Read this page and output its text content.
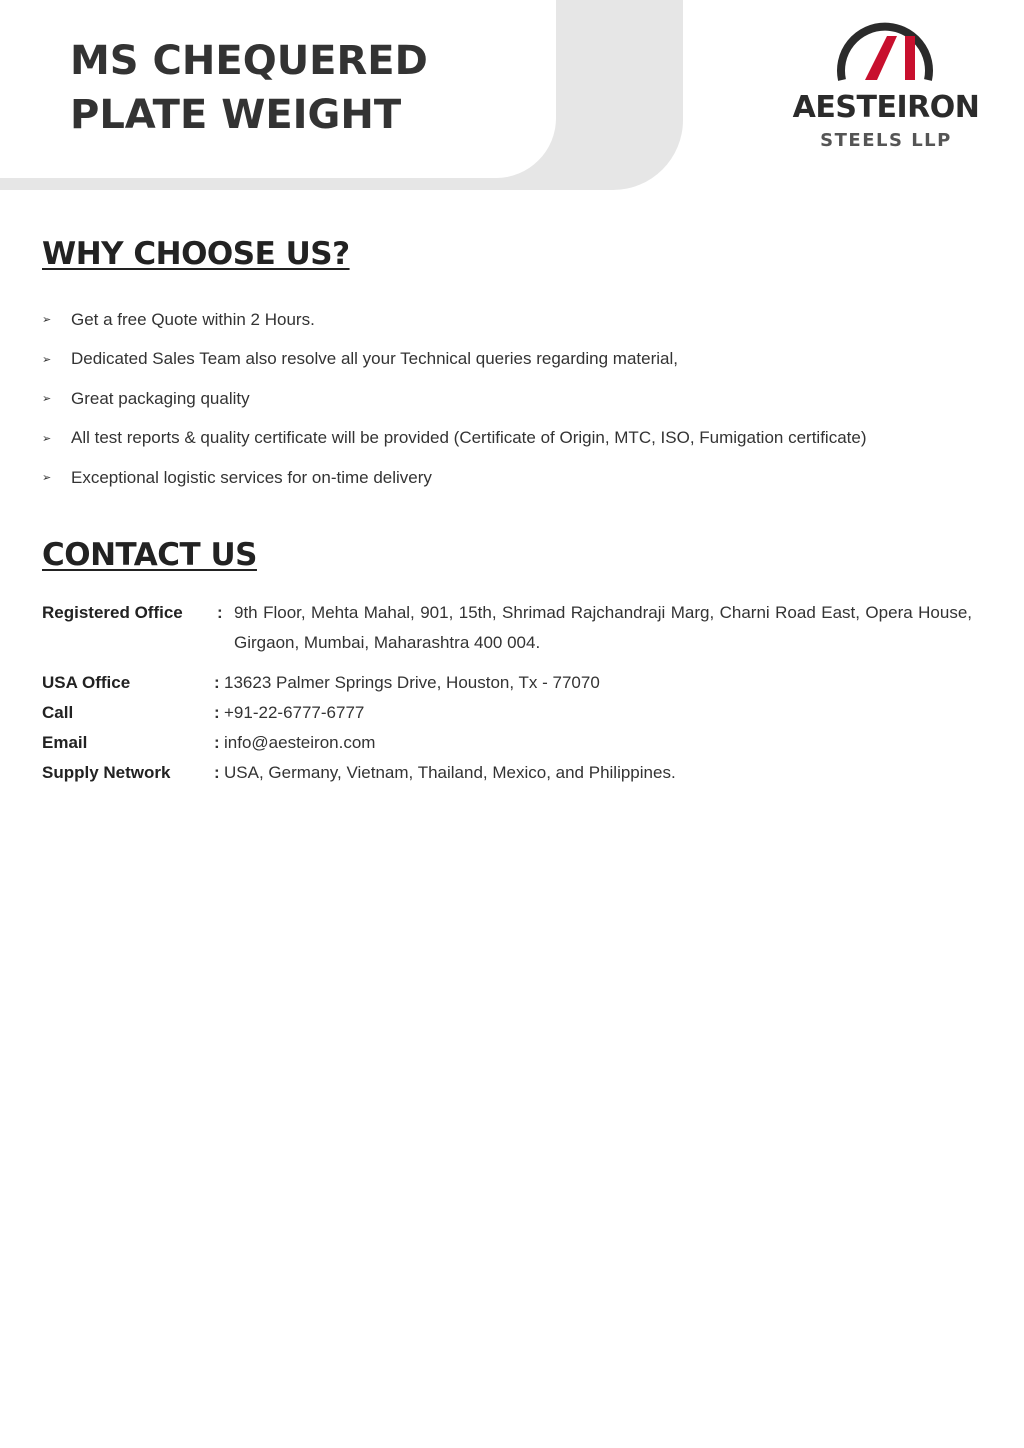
MS CHEQUERED
PLATE WEIGHT	AESTEIRON
STEELS LLP
WHY CHOOSE US?
➢	Get a free Quote within 2 Hours.
➢	Dedicated Sales Team also resolve all your Technical queries regarding material,
➢	Great packaging quality
➢	All test reports & quality certificate will be provided (Certificate of Origin, MTC, ISO, Fumigation certificate)
➢	Exceptional logistic services for on-time delivery
CONTACT US
Registered Office	: 9th Floor, Mehta Mahal, 901, 15th, Shrimad Rajchandraji Marg, Charni Road East, Opera House, Girgaon, Mumbai, Maharashtra 400 004.
USA Office	: 13623 Palmer Springs Drive, Houston, Tx - 77070
Call	: +91-22-6777-6777
Email	: info@aesteiron.com
Supply Network	: USA, Germany, Vietnam, Thailand, Mexico, and Philippines.
